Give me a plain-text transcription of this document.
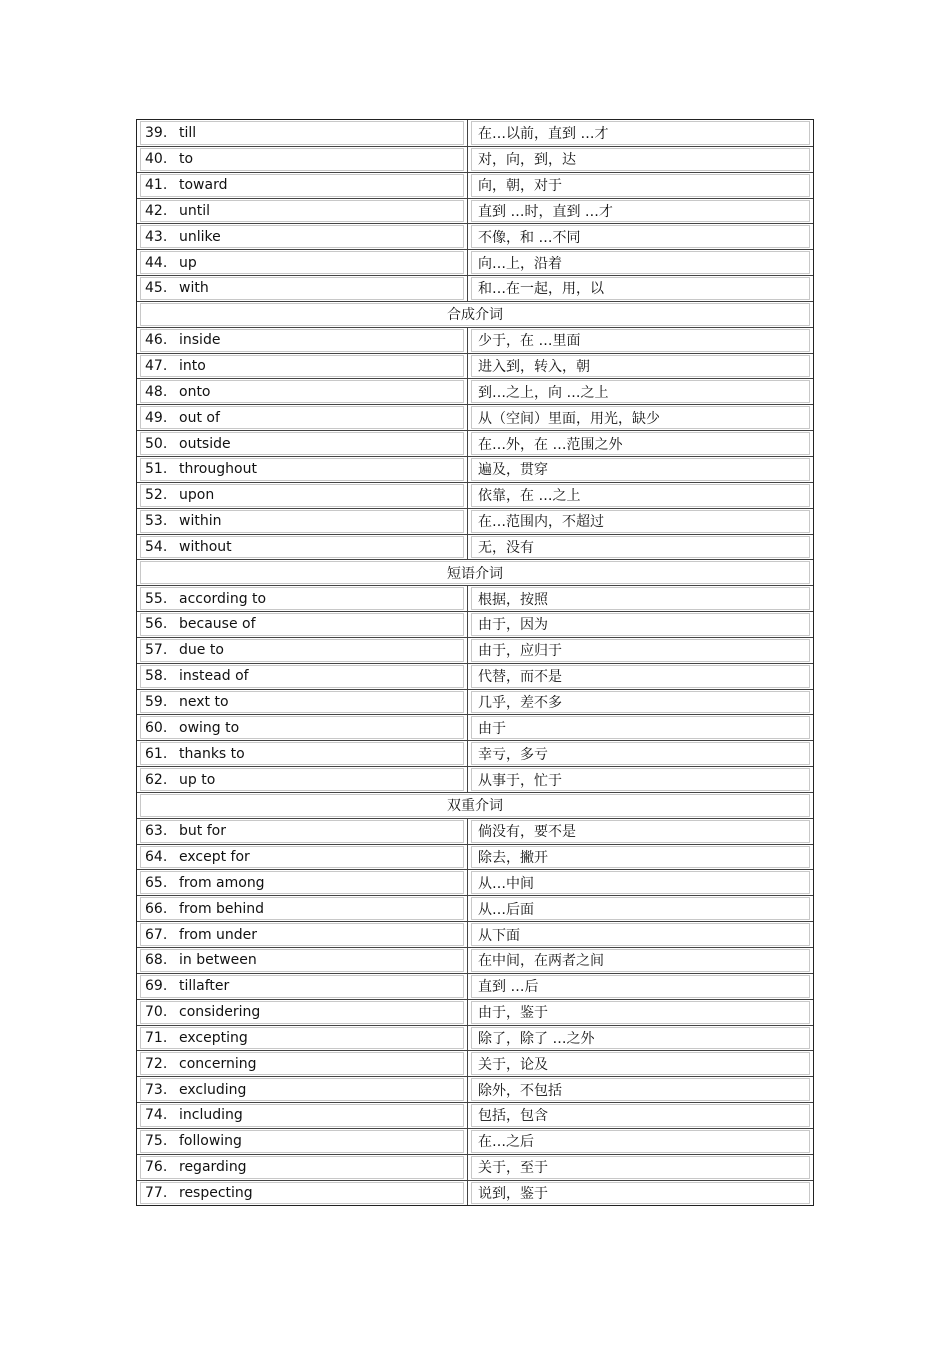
39. till	在…以前，直到 …才
40. to	对，向，到，达
41. toward	向，朝，对于
42. until	直到 …时，直到 …才
43. unlike	不像，和 …不同
44. up	向…上，沿着
45. with	和…在一起，用，以
合成介词
46. inside	少于，在 …里面
47. into	进入到，转入，朝
48. onto	到…之上，向 …之上
49. out of	从（空间）里面，用光，缺少
50. outside	在…外，在 …范围之外
51. throughout	遍及，贯穿
52. upon	依靠，在 …之上
53. within	在…范围内，不超过
54. without	无，没有
短语介词
55. according to	根据，按照
56. because of	由于，因为
57. due to	由于，应归于
58. instead of	代替，而不是
59. next to	几乎，差不多
60. owing to	由于
61. thanks to	幸亏，多亏
62. up to	从事于，忙于
双重介词
63. but for	倘没有，要不是
64. except for	除去，撇开
65. from among	从…中间
66. from behind	从…后面
67. from under	从下面
68. in between	在中间，在两者之间
69. tillafter	直到 …后
70. considering	由于，鉴于
71. excepting	除了，除了 …之外
72. concerning	关于，论及
73. excluding	除外，不包括
74. including	包括，包含
75. following	在…之后
76. regarding	关于，至于
77. respecting	说到，鉴于
